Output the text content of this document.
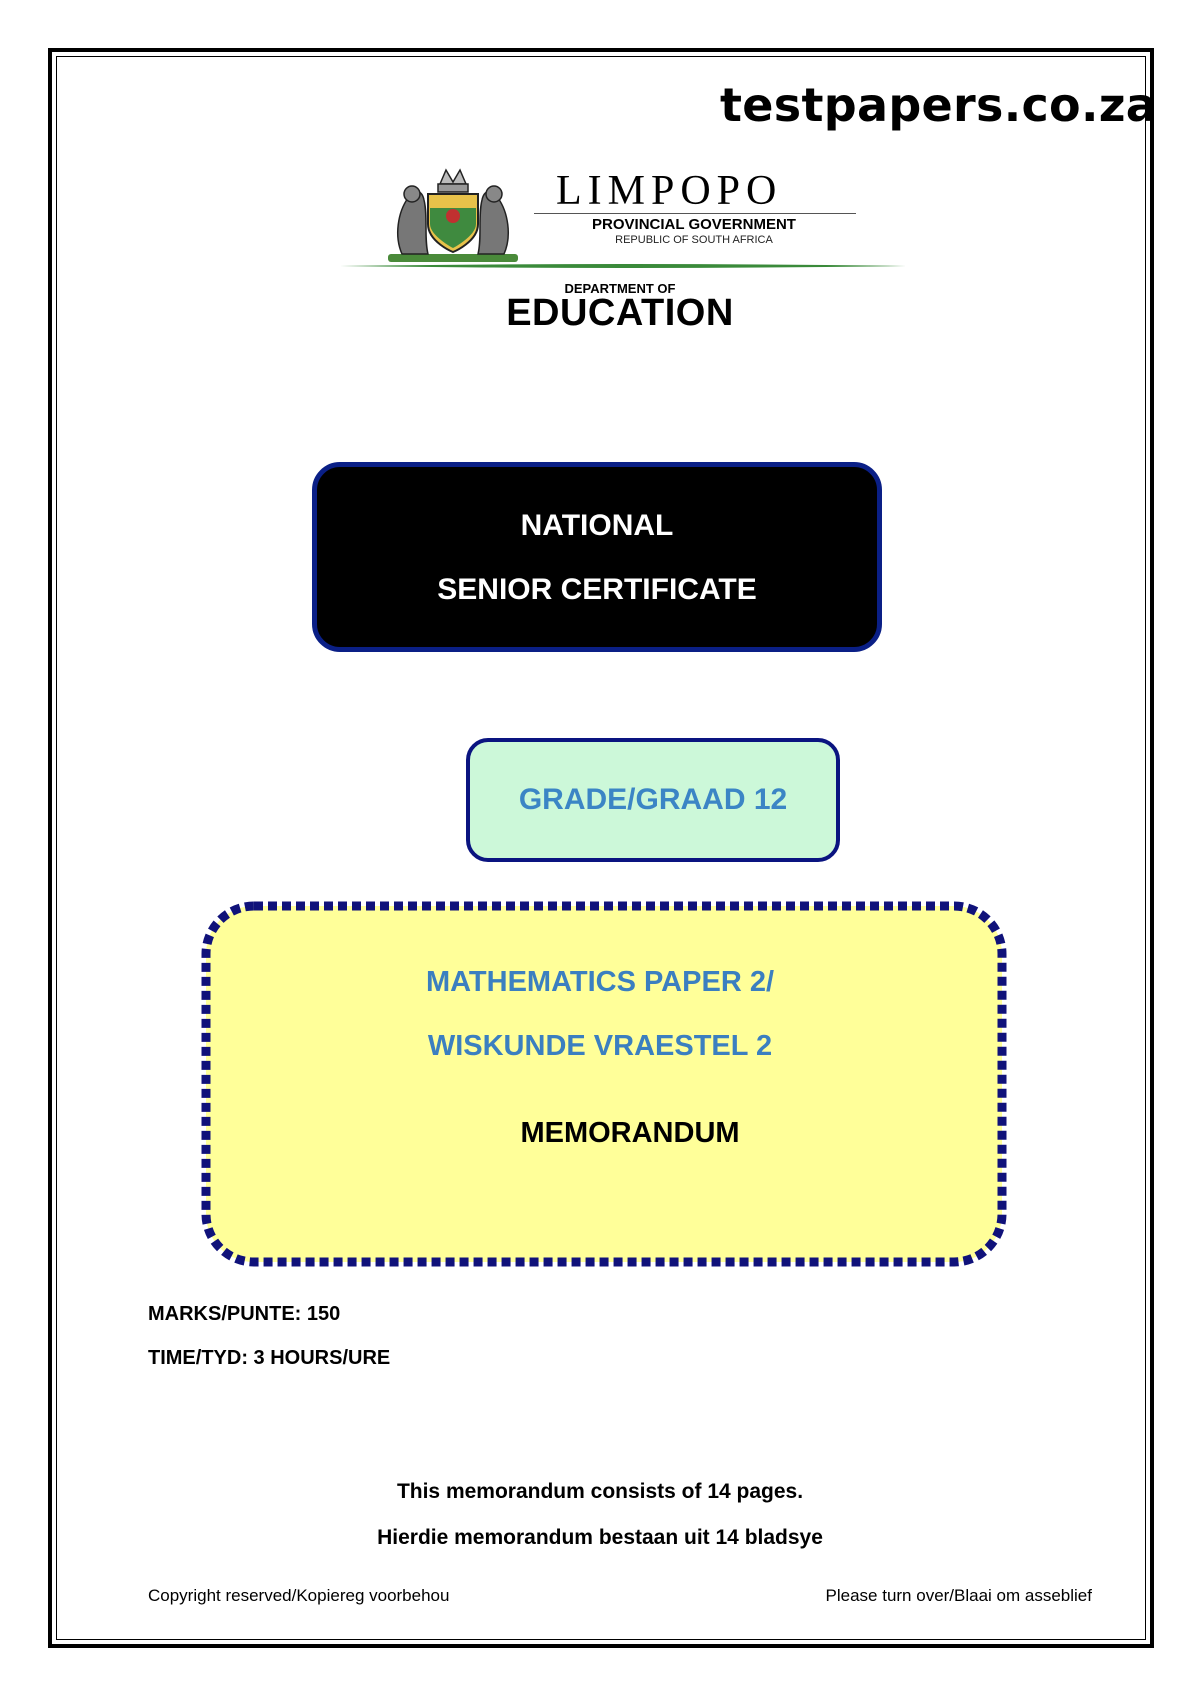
testpapers.co.za
LIMPOPO
PROVINCIAL GOVERNMENT
REPUBLIC OF SOUTH AFRICA
DEPARTMENT OF
EDUCATION
NATIONAL
SENIOR CERTIFICATE
GRADE/GRAAD 12
MATHEMATICS PAPER 2/
WISKUNDE VRAESTEL 2
MEMORANDUM
MARKS/PUNTE: 150
TIME/TYD: 3 HOURS/URE
This memorandum consists of 14 pages.
Hierdie memorandum bestaan uit 14 bladsye
Copyright reserved/Kopiereg voorbehou	Please turn over/Blaai om asseblief
